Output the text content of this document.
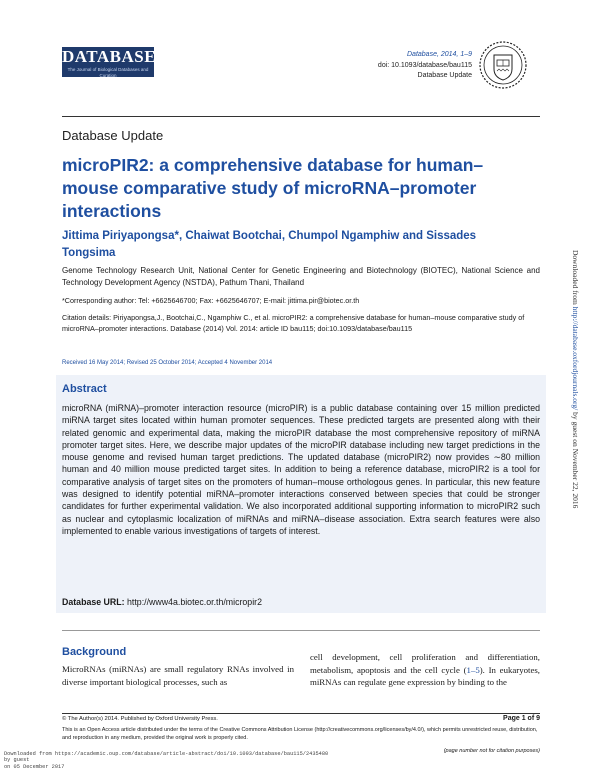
DATABASE
The Journal of Biological Databases and Curation
Database, 2014, 1–9
doi: 10.1093/database/bau115
Database Update
Database Update
microPIR2: a comprehensive database for human–mouse comparative study of microRNA–promoter interactions
Jittima Piriyapongsa*, Chaiwat Bootchai, Chumpol Ngamphiw and Sissades Tongsima
Genome Technology Research Unit, National Center for Genetic Engineering and Biotechnology (BIOTEC), National Science and Technology Development Agency (NSTDA), Pathum Thani, Thailand
*Corresponding author: Tel: +6625646700; Fax: +6625646707; E-mail: jittima.pir@biotec.or.th
Citation details: Piriyapongsa,J., Bootchai,C., Ngamphiw C., et al. microPIR2: a comprehensive database for human–mouse comparative study of microRNA–promoter interactions. Database (2014) Vol. 2014: article ID bau115; doi:10.1093/database/bau115
Received 16 May 2014; Revised 25 October 2014; Accepted 4 November 2014
Abstract
microRNA (miRNA)–promoter interaction resource (microPIR) is a public database containing over 15 million predicted miRNA target sites located within human promoter sequences. These predicted targets are presented along with their related genomic and experimental data, making the microPIR database the most comprehensive repository of miRNA promoter target sites. Here, we describe major updates of the microPIR database including new target predictions in the mouse genome and revised human target predictions. The updated database (microPIR2) now provides ∼80 million human and 40 million mouse predicted target sites. In addition to being a reference database, microPIR2 is a tool for comparative analysis of target sites on the promoters of human–mouse orthologous genes. In particular, this new feature was designed to identify potential miRNA–promoter interactions conserved between species that could be stronger candidates for further experimental validation. We also incorporated additional supporting information to microPIR2 such as nuclear and cytoplasmic localization of miRNAs and miRNA–disease association. Extra search features were also implemented to enable various investigations of targets of interest.
Database URL: http://www4a.biotec.or.th/micropir2
Background
MicroRNAs (miRNAs) are small regulatory RNAs involved in diverse important biological processes, such as
cell development, cell proliferation and differentiation, metabolism, apoptosis and the cell cycle (1–5). In eukaryotes, miRNAs can regulate gene expression by binding to the
© The Author(s) 2014. Published by Oxford University Press.	Page 1 of 9
This is an Open Access article distributed under the terms of the Creative Commons Attribution License (http://creativecommons.org/licenses/by/4.0/), which permits unrestricted reuse, distribution, and reproduction in any medium, provided the original work is properly cited.
(page number not for citation purposes)
Downloaded from https://academic.oup.com/database/article-abstract/doi/10.1093/database/bau115/2435480
by guest
on 05 December 2017
Downloaded from http://database.oxfordjournals.org/ by guest on November 22, 2016
